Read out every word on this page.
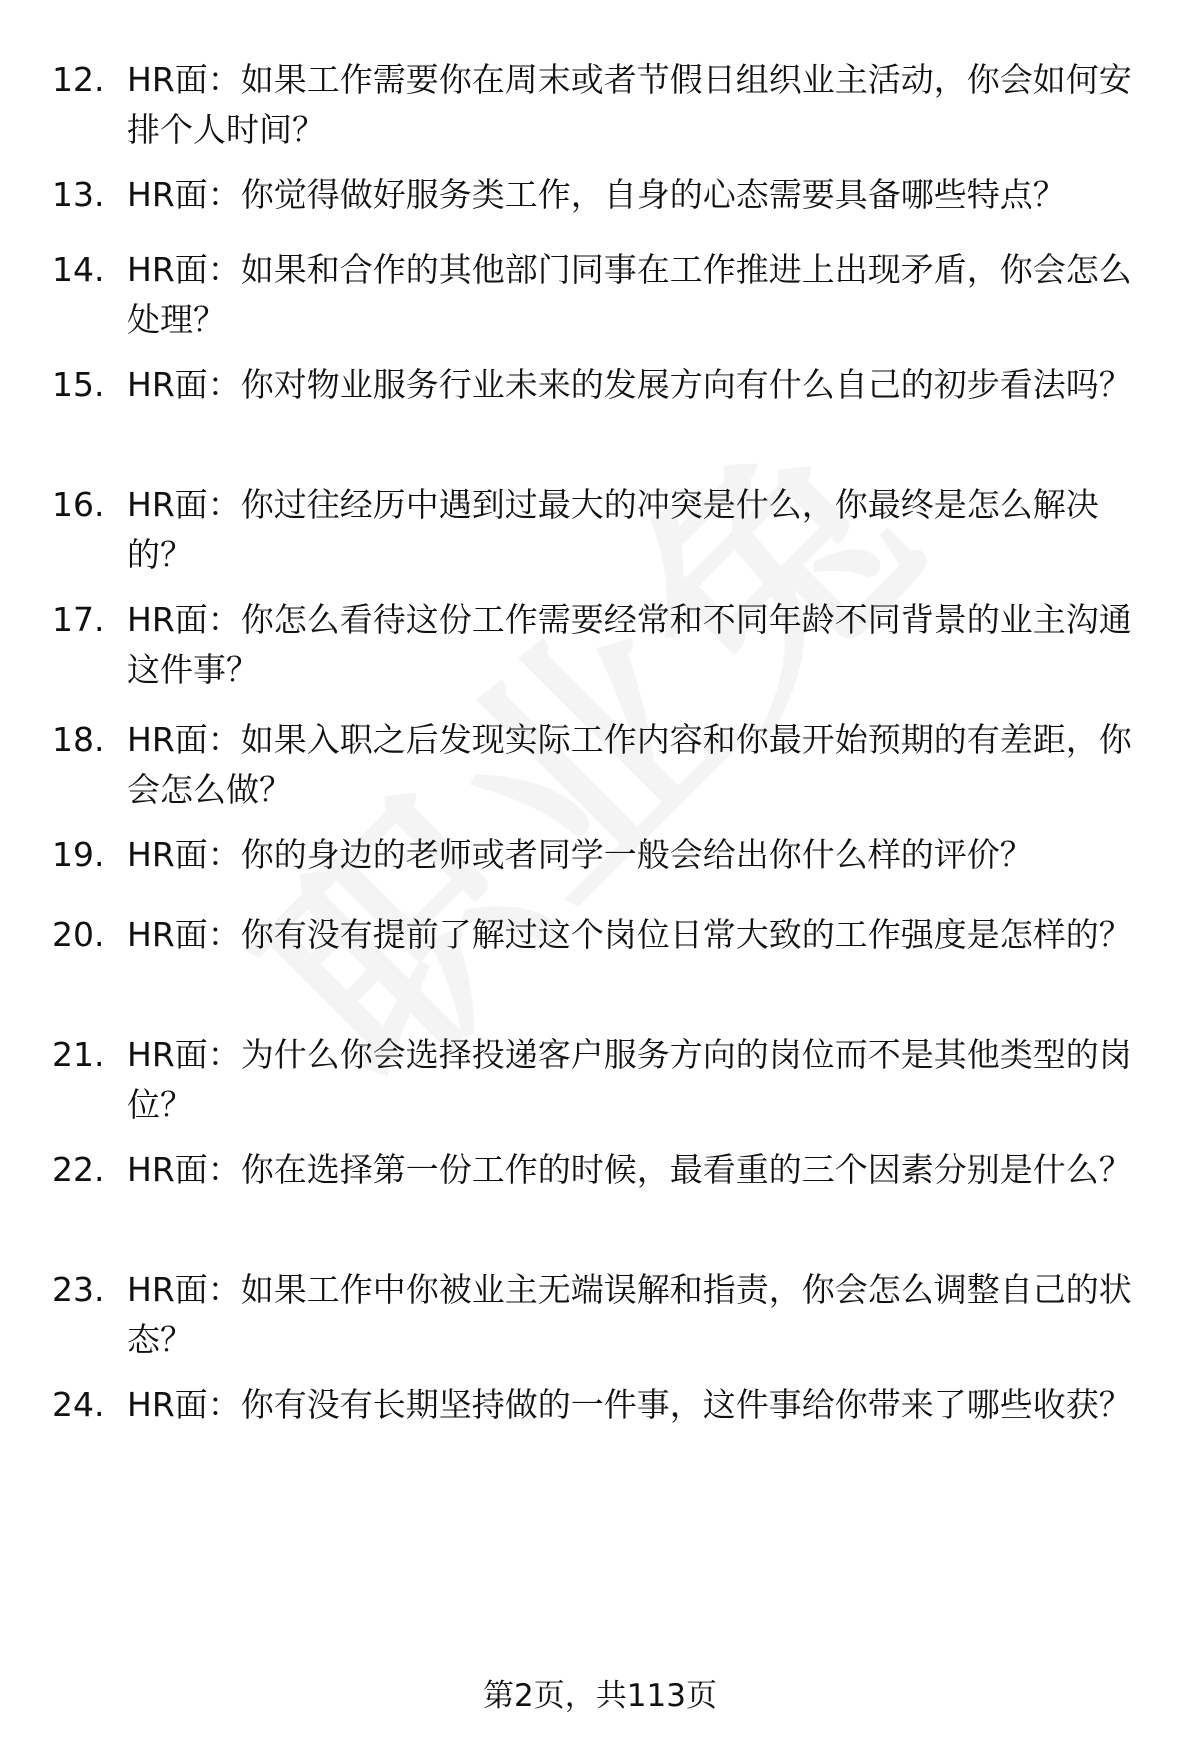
12. HR面：如果工作需要你在周末或者节假日组织业主活动，你会如何安排个人时间？
13. HR面：你觉得做好服务类工作，自身的心态需要具备哪些特点？
14. HR面：如果和合作的其他部门同事在工作推进上出现矛盾，你会怎么处理？
15. HR面：你对物业服务行业未来的发展方向有什么自己的初步看法吗？
16. HR面：你过往经历中遇到过最大的冲突是什么，你最终是怎么解决的？
17. HR面：你怎么看待这份工作需要经常和不同年龄不同背景的业主沟通这件事？
18. HR面：如果入职之后发现实际工作内容和你最开始预期的有差距，你会怎么做？
19. HR面：你的身边的老师或者同学一般会给出你什么样的评价？
20. HR面：你有没有提前了解过这个岗位日常大致的工作强度是怎样的？
21. HR面：为什么你会选择投递客户服务方向的岗位而不是其他类型的岗位？
22. HR面：你在选择第一份工作的时候，最看重的三个因素分别是什么？
23. HR面：如果工作中你被业主无端误解和指责，你会怎么调整自己的状态？
24. HR面：你有没有长期坚持做的一件事，这件事给你带来了哪些收获？
第2页，共113页
